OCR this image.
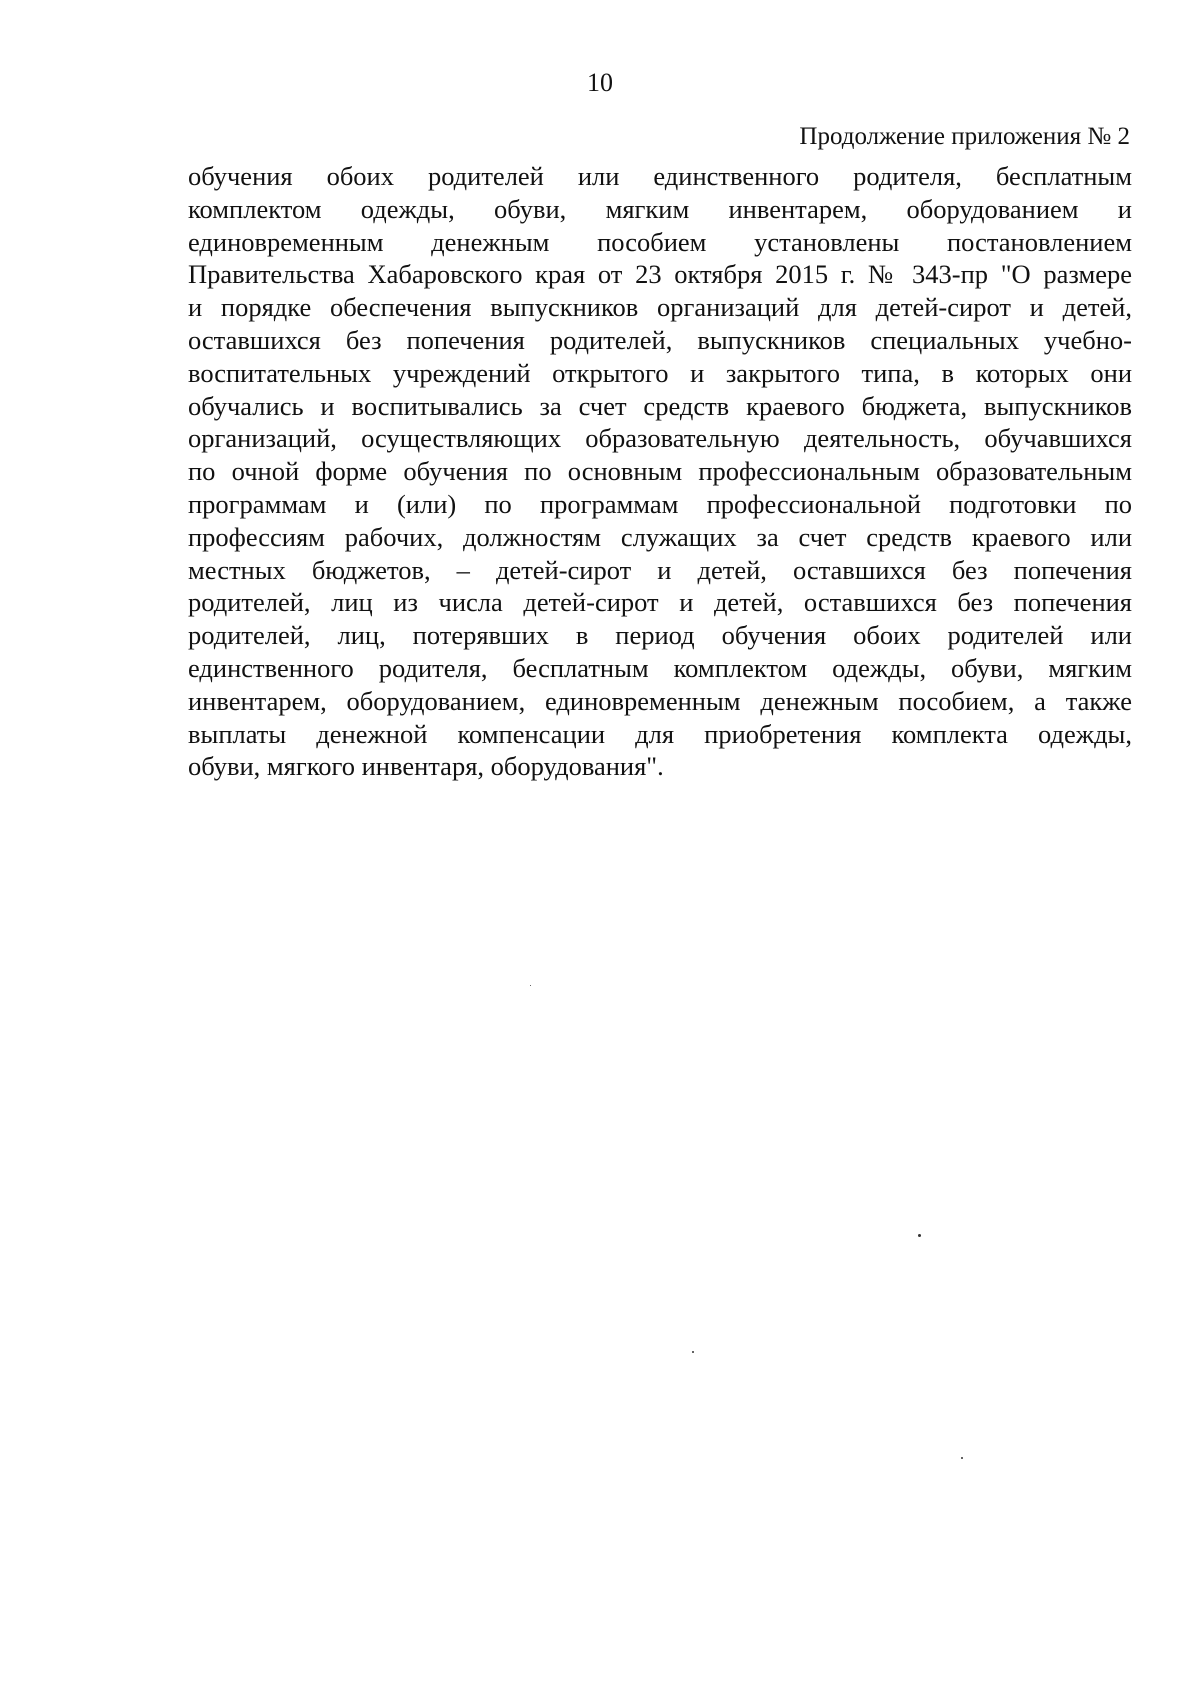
10
Продолжение приложения № 2
обучения обоих родителей или единственного родителя, бесплатным
комплектом одежды, обуви, мягким инвентарем, оборудованием и
единовременным денежным пособием установлены постановлением
Правительства Хабаровского края от 23 октября 2015 г. № 343-пр "О размере
и порядке обеспечения выпускников организаций для детей-сирот и детей,
оставшихся без попечения родителей, выпускников специальных учебно-
воспитательных учреждений открытого и закрытого типа, в которых они
обучались и воспитывались за счет средств краевого бюджета, выпускников
организаций, осуществляющих образовательную деятельность, обучавшихся
по очной форме обучения по основным профессиональным образовательным
программам и (или) по программам профессиональной подготовки по
профессиям рабочих, должностям служащих за счет средств краевого или
местных бюджетов, – детей-сирот и детей, оставшихся без попечения
родителей, лиц из числа детей-сирот и детей, оставшихся без попечения
родителей, лиц, потерявших в период обучения обоих родителей или
единственного родителя, бесплатным комплектом одежды, обуви, мягким
инвентарем, оборудованием, единовременным денежным пособием, а также
выплаты денежной компенсации для приобретения комплекта одежды,
обуви, мягкого инвентаря, оборудования".
